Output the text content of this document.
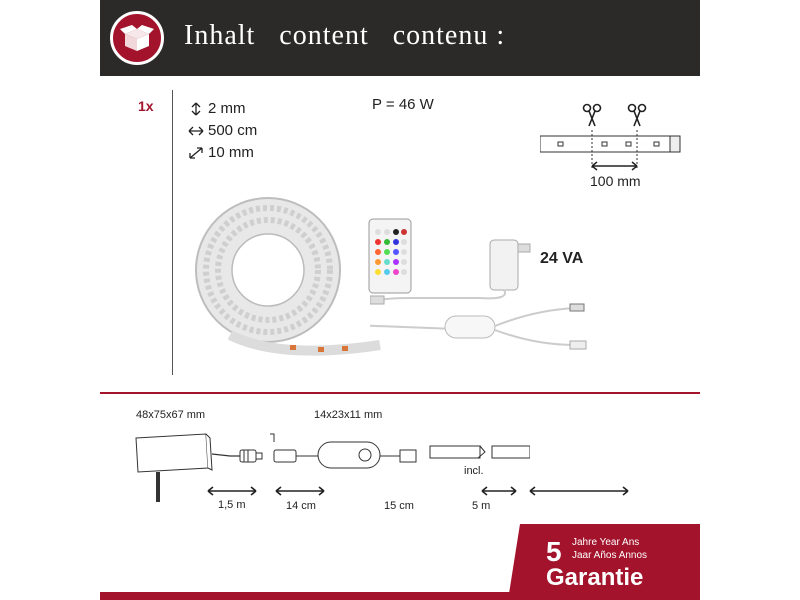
Inhalt   content   contenu :
1x	2 mm
500 cm
10 mm
P = 46 W
100 mm
24 VA
48x75x67 mm	14x23x11 mm
incl.
1,5 m	14 cm	15 cm	5 m
5 Jahre Year Ans
Jaar Años Annos
Garantie
